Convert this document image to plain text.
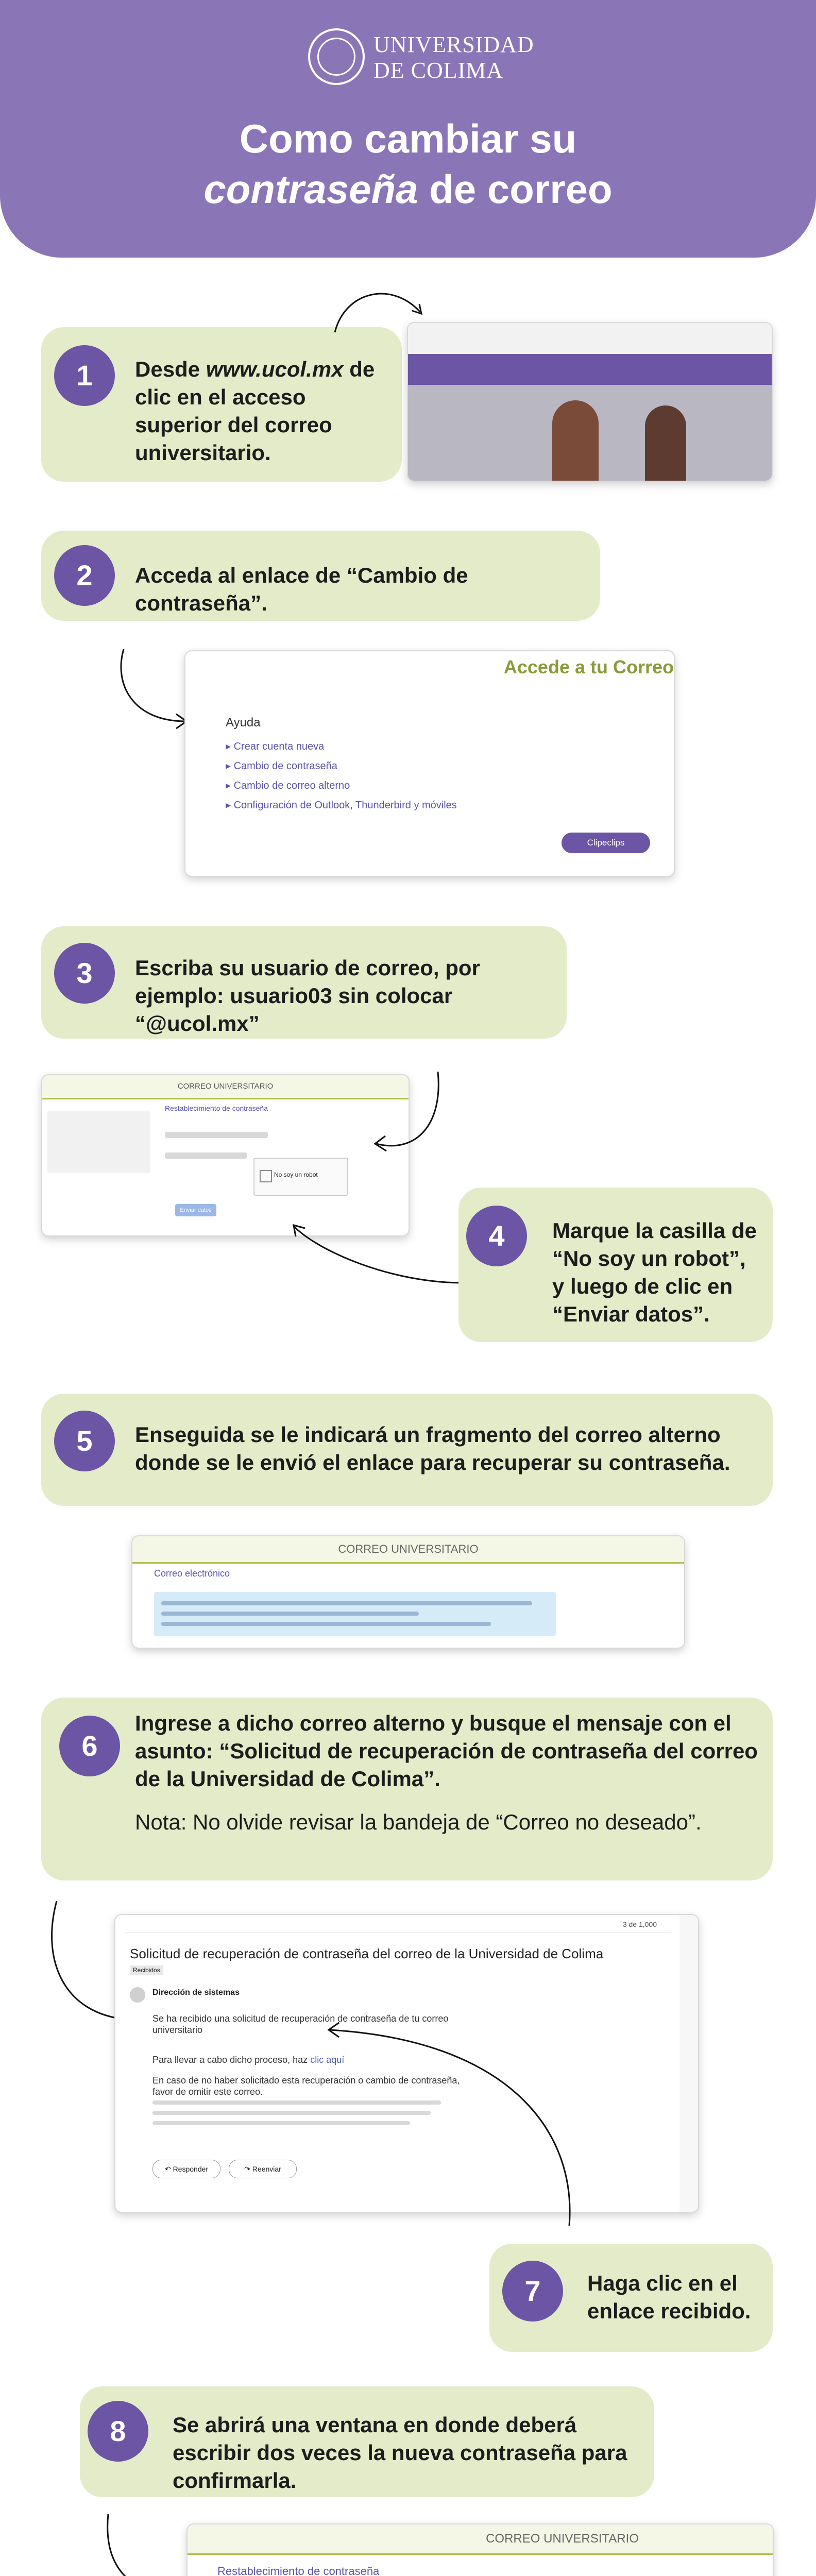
UNIVERSIDAD
DE COLIMA
Como cambiar su
contraseña de correo
1	Desde www.ucol.mx de clic en el acceso superior del correo universitario.
2	Acceda al enlace de “Cambio de contraseña”.
Accede a tu Correo
Ayuda
▸ Crear cuenta nueva
▸ Cambio de contraseña
▸ Cambio de correo alterno
▸ Configuración de Outlook, Thunderbird y móviles
Clipeclips
3	Escriba su usuario de correo, por ejemplo: usuario03 sin colocar “@ucol.mx”
CORREO UNIVERSITARIO
Restablecimiento de contraseña
No soy un robot
Enviar datos
4	Marque la casilla de “No soy un robot”, y luego de clic en “Enviar datos”.
5	Enseguida se le indicará un fragmento del correo alterno donde se le envió el enlace para recuperar su contraseña.
CORREO UNIVERSITARIO
Correo electrónico
6
Ingrese a dicho correo alterno y busque el mensaje con el asunto: “Solicitud de recuperación de contraseña del correo de la Universidad de Colima”.
Nota: No olvide revisar la bandeja de “Correo no deseado”.
3 de 1,000
Solicitud de recuperación de contraseña del correo de la Universidad de Colima
Recibidos
Dirección de sistemas
Se ha recibido una solicitud de recuperación de contraseña de tu correo universitario
Para llevar a cabo dicho proceso, haz clic aquí
En caso de no haber solicitado esta recuperación o cambio de contraseña, favor de omitir este correo.
↶ Responder	↷ Reenviar
7	Haga clic en el enlace recibido.
8	Se abrirá una ventana en donde deberá escribir dos veces la nueva contraseña para confirmarla.
CORREO UNIVERSITARIO
Restablecimiento de contraseña
